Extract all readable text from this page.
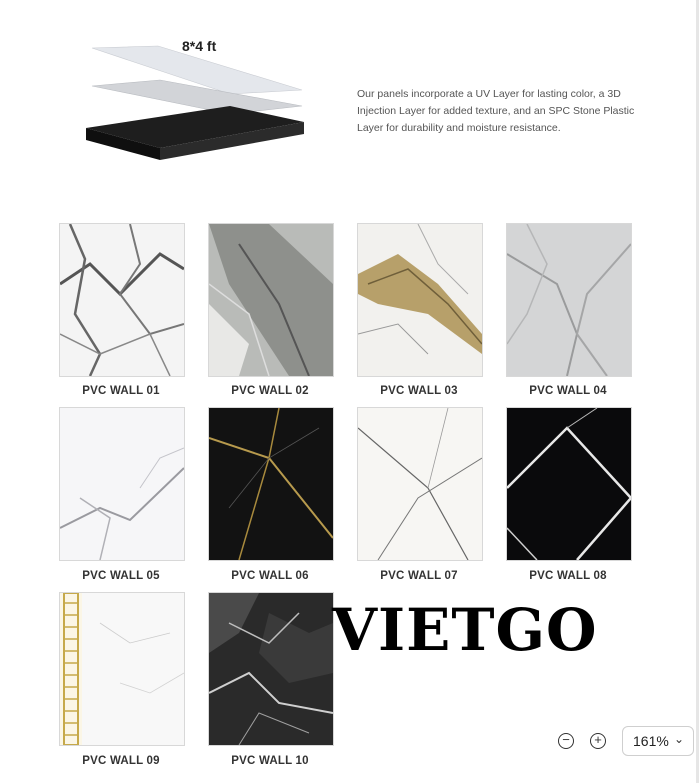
8*4 ft
Our panels incorporate a UV Layer for lasting color, a 3D Injection Layer for added texture, and an SPC Stone Plastic Layer for durability and moisture resistance.
PVC WALL 01	PVC WALL 02	PVC WALL 03	PVC WALL 04
PVC WALL 05	PVC WALL 06	PVC WALL 07	PVC WALL 08
PVC WALL 09	PVC WALL 10
VIETGO
−	+	161% ⌄
